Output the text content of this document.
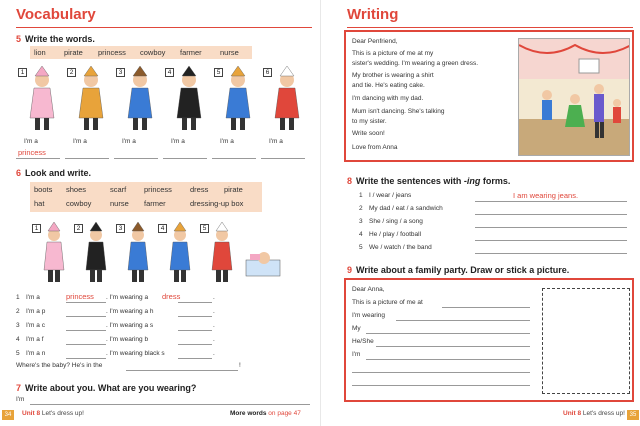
Vocabulary
5 Write the words.
lion pirate princess cowboy farmer nurse
1
I'm a
princess
2
I'm a
3
I'm a
4
I'm a
5
I'm a
6
I'm a
6 Look and write.
boots shoes	scarf princess dress pirate
hat	cowboy nurse farmer	dressing-up box
1	2	3	4	5
1 I'm a	princess . I'm wearing a dress	.
2 I'm a p	. I'm wearing a h	.
3 I'm a c	. I'm wearing a s	.
4 I'm a f	. I'm wearing b	.
5 I'm a n	. I'm wearing black s	.
Where's the baby? He's in the	!
7 Write about you. What are you wearing?
I'm
34	Unit 8 Let's dress up!	More words on page 47
Writing
8 Write the sentences with -ing forms.
1 I / wear / jeans	I am wearing jeans.
2 My dad / eat / a sandwich
3 She / sing / a song
4 He / play / football
5 We / watch / the band
9 Write about a family party. Draw or stick a picture.
Unit 8 Let's dress up! 35
Dear Penfriend,
This is a picture of me at my
sister's wedding. I'm wearing a green dress.
My brother is wearing a shirt
and tie. He's eating cake.
I'm dancing with my dad.
Mum isn't dancing. She's talking
to my sister.
Write soon!
Love from Anna
Dear Anna,
This is a picture of me at
I'm wearing
My
He/She
I'm
